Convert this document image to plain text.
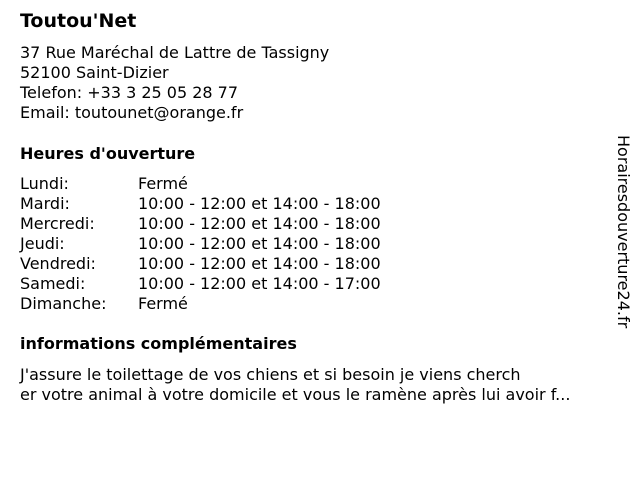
Toutou'Net
37 Rue Maréchal de Lattre de Tassigny
52100 Saint-Dizier
Telefon: +33 3 25 05 28 77
Email: toutounet@orange.fr
Heures d'ouverture
Lundi:	Fermé
Mardi:	10:00 - 12:00 et 14:00 - 18:00
Mercredi:	10:00 - 12:00 et 14:00 - 18:00
Jeudi:	10:00 - 12:00 et 14:00 - 18:00
Vendredi:	10:00 - 12:00 et 14:00 - 18:00
Samedi:	10:00 - 12:00 et 14:00 - 17:00
Dimanche:	Fermé
informations complémentaires
J'assure le toilettage de vos chiens et si besoin je viens cherch
er votre animal à votre domicile et vous le ramène après lui avoir f...
Horairesdouverture24.fr
